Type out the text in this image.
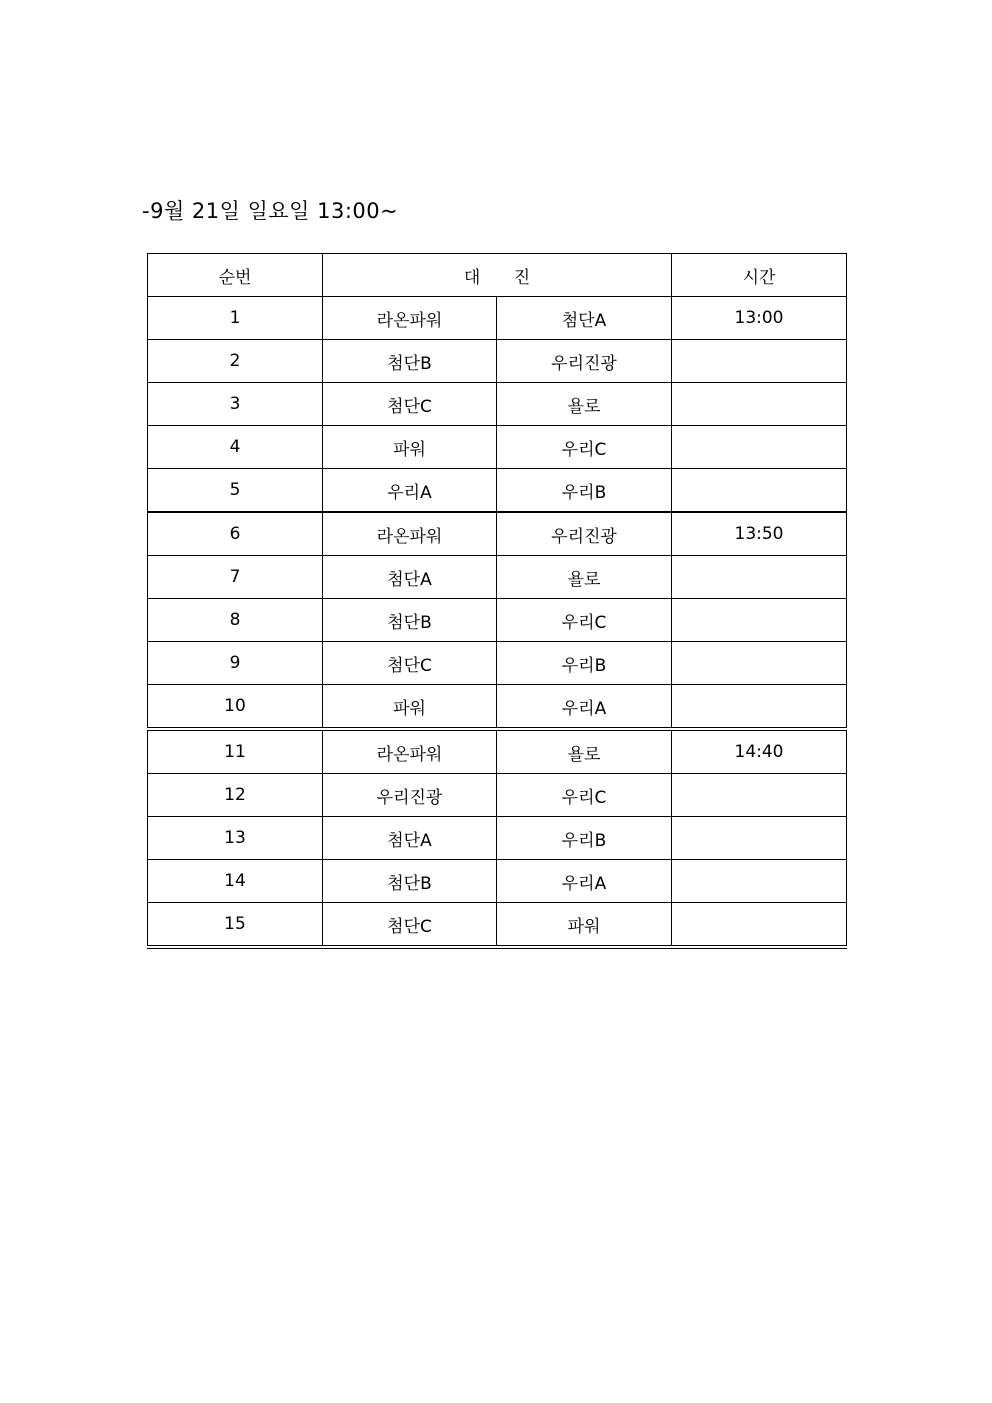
-9월 21일 일요일 13:00~
순번	대 진		시간
1	라온파워	첨단A	13:00
2	첨단B	우리진광	
3	첨단C	욜로	
4	파워	우리C	
5	우리A	우리B	
6	라온파워	우리진광	13:50
7	첨단A	욜로	
8	첨단B	우리C	
9	첨단C	우리B	
10	파워	우리A	
11	라온파워	욜로	14:40
12	우리진광	우리C	
13	첨단A	우리B	
14	첨단B	우리A	
15	첨단C	파워	
